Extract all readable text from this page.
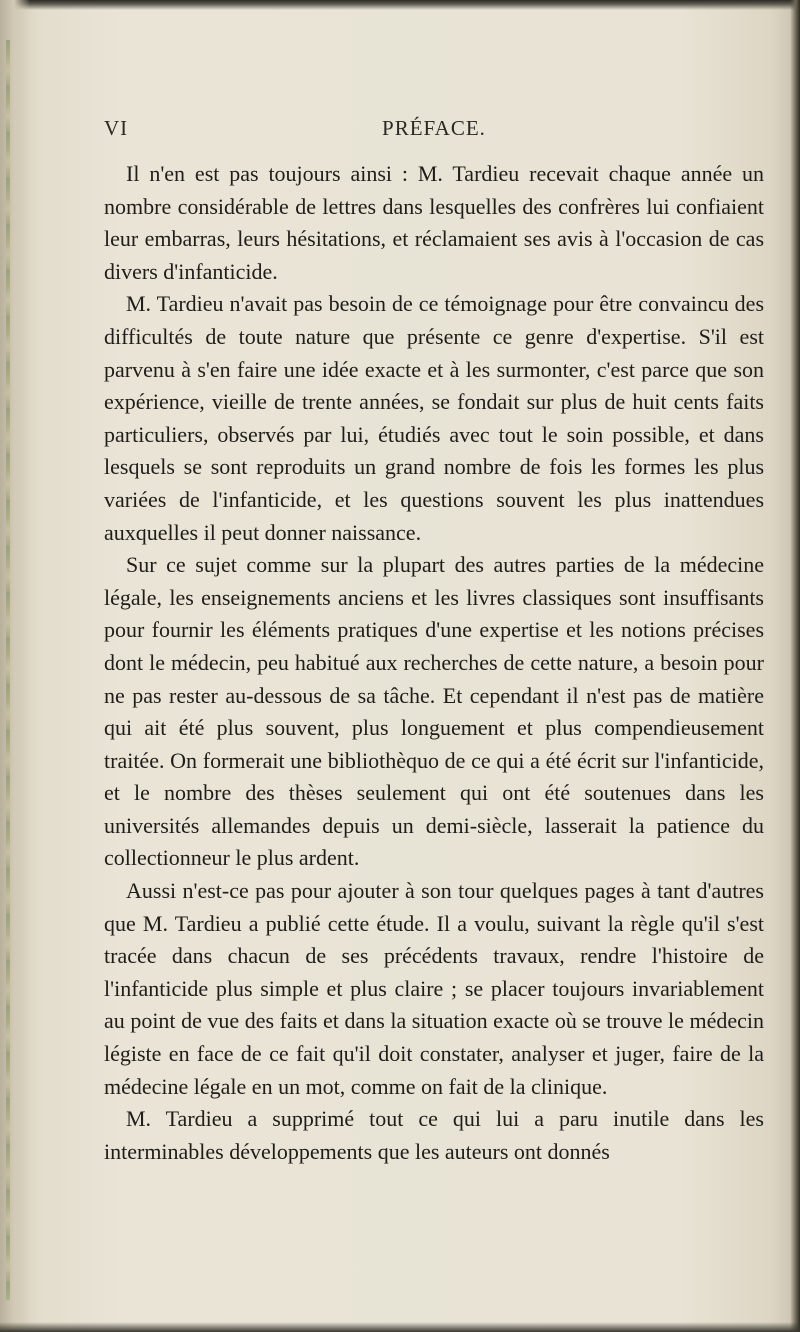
VI	PRÉFACE.

Il n'en est pas toujours ainsi : M. Tardieu recevait chaque année un nombre considérable de lettres dans lesquelles des confrères lui confiaient leur embarras, leurs hésitations, et réclamaient ses avis à l'occasion de cas divers d'infanticide.

M. Tardieu n'avait pas besoin de ce témoignage pour être convaincu des difficultés de toute nature que présente ce genre d'expertise. S'il est parvenu à s'en faire une idée exacte et à les surmonter, c'est parce que son expérience, vieille de trente années, se fondait sur plus de huit cents faits particuliers, observés par lui, étudiés avec tout le soin possible, et dans lesquels se sont reproduits un grand nombre de fois les formes les plus variées de l'infanticide, et les questions souvent les plus inattendues auxquelles il peut donner naissance.

Sur ce sujet comme sur la plupart des autres parties de la médecine légale, les enseignements anciens et les livres classiques sont insuffisants pour fournir les éléments pratiques d'une expertise et les notions précises dont le médecin, peu habitué aux recherches de cette nature, a besoin pour ne pas rester au-dessous de sa tâche. Et cependant il n'est pas de matière qui ait été plus souvent, plus longuement et plus compendieusement traitée. On formerait une bibliothèquo de ce qui a été écrit sur l'infanticide, et le nombre des thèses seulement qui ont été soutenues dans les universités allemandes depuis un demi-siècle, lasserait la patience du collectionneur le plus ardent.

Aussi n'est-ce pas pour ajouter à son tour quelques pages à tant d'autres que M. Tardieu a publié cette étude. Il a voulu, suivant la règle qu'il s'est tracée dans chacun de ses précédents travaux, rendre l'histoire de l'infanticide plus simple et plus claire ; se placer toujours invariablement au point de vue des faits et dans la situation exacte où se trouve le médecin légiste en face de ce fait qu'il doit constater, analyser et juger, faire de la médecine légale en un mot, comme on fait de la clinique.

M. Tardieu a supprimé tout ce qui lui a paru inutile dans les interminables développements que les auteurs ont donnés
